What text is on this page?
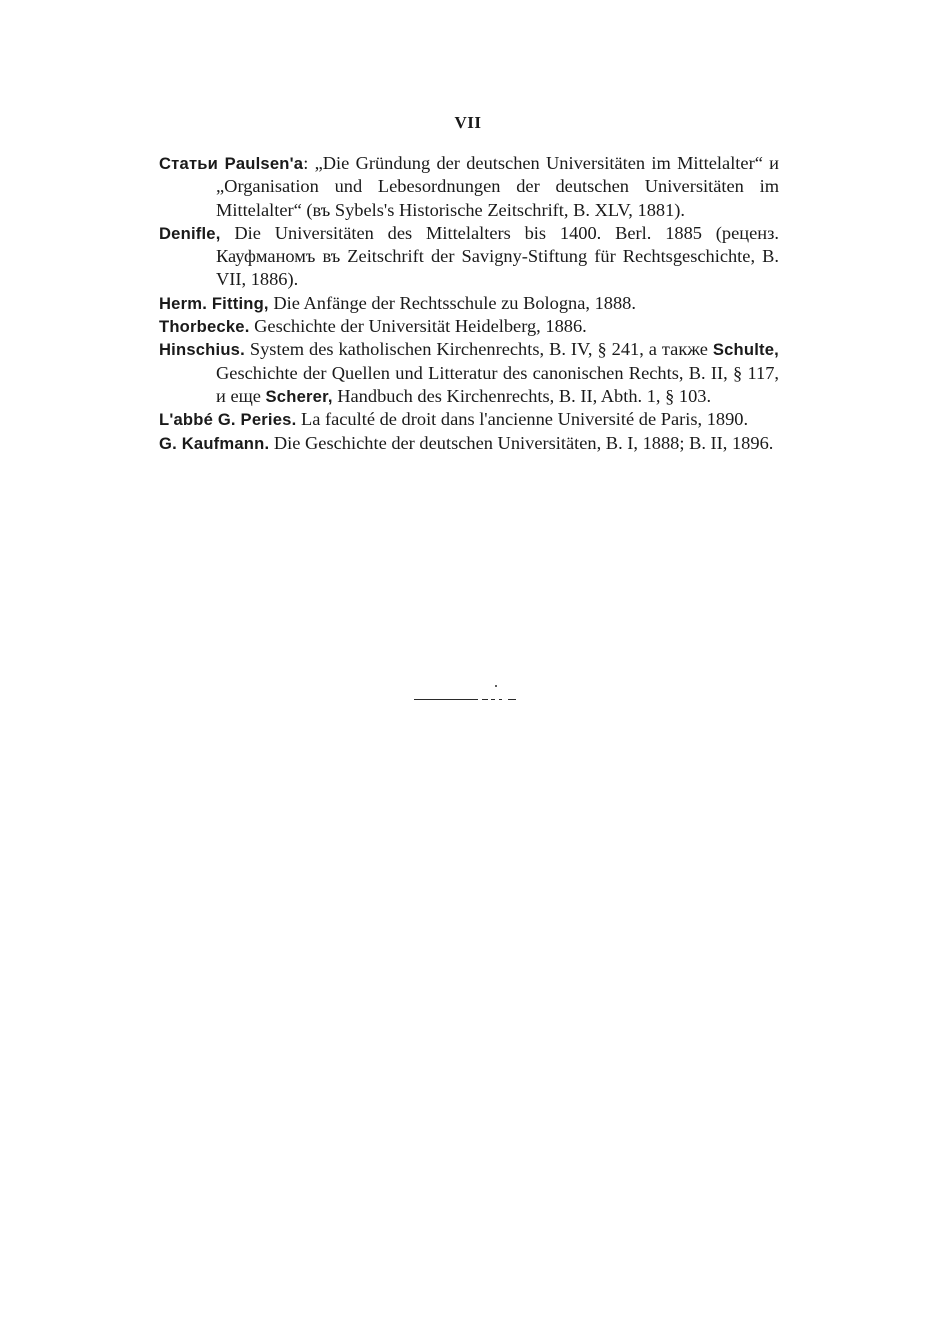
VII

Статьи Paulsen'a: „Die Gründung der deutschen Universitäten im Mittelalter“ и „Organisation und Lebesordnungen der deutschen Universitäten im Mittelalter“ (въ Sybels's Historische Zeitschrift, B. XLV, 1881).

Denifle, Die Universitäten des Mittelalters bis 1400. Berl. 1885 (реценз. Кауфманомъ въ Zeitschrift der Savigny-Stiftung für Rechtsgeschichte, B. VII, 1886).

Herm. Fitting, Die Anfänge der Rechtsschule zu Bologna, 1888.

Thorbecke. Geschichte der Universität Heidelberg, 1886.

Hinschius. System des katholischen Kirchenrechts, B. IV, § 241, а также Schulte, Geschichte der Quellen und Litteratur des canonischen Rechts, B. II, § 117, и еще Scherer, Handbuch des Kirchenrechts, B. II, Abth. 1, § 103.

L'abbé G. Peries. La faculté de droit dans l'ancienne Université de Paris, 1890.

G. Kaufmann. Die Geschichte der deutschen Universitäten, B. I, 1888; B. II, 1896.
